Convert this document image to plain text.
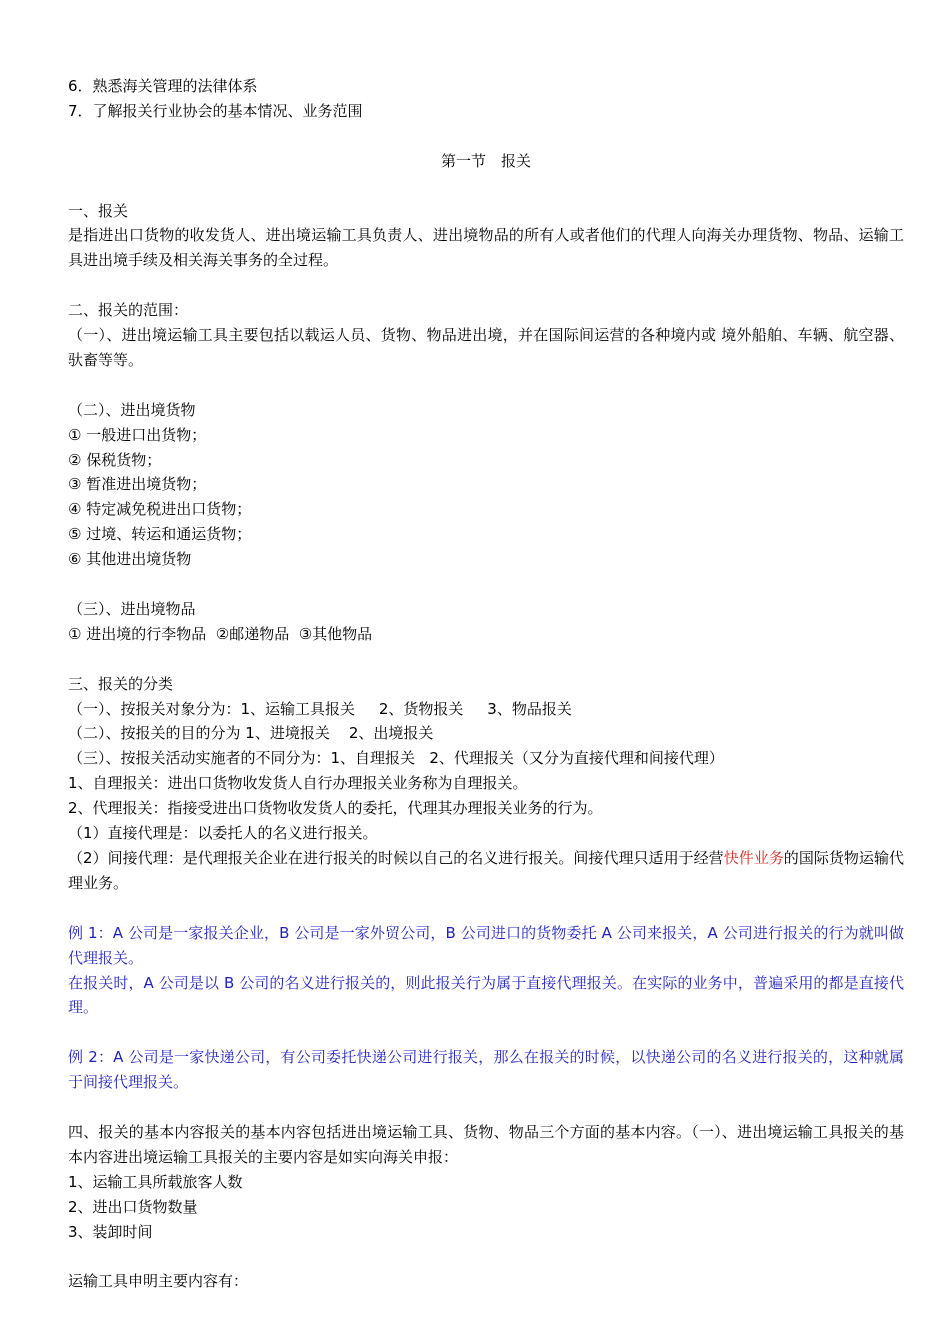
6．熟悉海关管理的法律体系

7．了解报关行业协会的基本情况、业务范围

第一节　报关

一、报关

是指进出口货物的收发货人、进出境运输工具负责人、进出境物品的所有人或者他们的代理人向海关办理货物、物品、运输工具进出境手续及相关海关事务的全过程。

二、报关的范围：

（一）、进出境运输工具主要包括以载运人员、货物、物品进出境，并在国际间运营的各种境内或 境外船舶、车辆、航空器、驮畜等等。

（二）、进出境货物

① 一般进口出货物；

② 保税货物；

③ 暂准进出境货物；

④ 特定减免税进出口货物；

⑤ 过境、转运和通运货物；

⑥ 其他进出境货物

（三）、进出境物品

① 进出境的行李物品  ②邮递物品  ③其他物品

三、报关的分类

（一）、按报关对象分为：1、运输工具报关     2、货物报关     3、物品报关

（二）、按报关的目的分为 1、进境报关    2、出境报关

（三）、按报关活动实施者的不同分为：1、自理报关   2、代理报关（又分为直接代理和间接代理）

1、自理报关：进出口货物收发货人自行办理报关业务称为自理报关。

2、代理报关：指接受进出口货物收发货人的委托，代理其办理报关业务的行为。

（1）直接代理是：以委托人的名义进行报关。

（2）间接代理：是代理报关企业在进行报关的时候以自己的名义进行报关。间接代理只适用于经营快件业务的国际货物运输代理业务。

例 1：A 公司是一家报关企业，B 公司是一家外贸公司，B 公司进口的货物委托 A 公司来报关，A 公司进行报关的行为就叫做代理报关。

在报关时，A 公司是以 B 公司的名义进行报关的，则此报关行为属于直接代理报关。在实际的业务中，普遍采用的都是直接代理。

例 2：A 公司是一家快递公司，有公司委托快递公司进行报关，那么在报关的时候，以快递公司的名义进行报关的，这种就属于间接代理报关。

四、报关的基本内容报关的基本内容包括进出境运输工具、货物、物品三个方面的基本内容。（一）、进出境运输工具报关的基本内容进出境运输工具报关的主要内容是如实向海关申报：

1、运输工具所载旅客人数

2、进出口货物数量

3、装卸时间

运输工具申明主要内容有：
